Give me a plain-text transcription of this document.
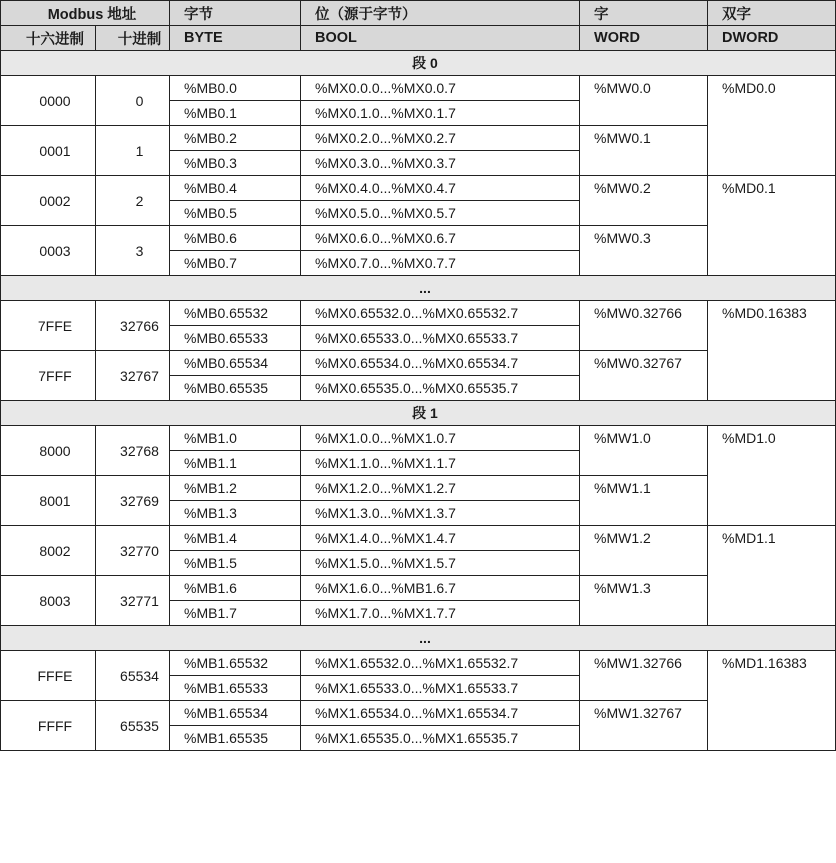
Modbus 地址		字节	位（源于字节）	字	双字
十六进制	十进制	BYTE	BOOL	WORD	DWORD
段 0					
0000	0	%MB0.0	%MX0.0.0...%MX0.0.7	%MW0.0	%MD0.0
		%MB0.1	%MX0.1.0...%MX0.1.7		
0001	1	%MB0.2	%MX0.2.0...%MX0.2.7	%MW0.1	
		%MB0.3	%MX0.3.0...%MX0.3.7		
0002	2	%MB0.4	%MX0.4.0...%MX0.4.7	%MW0.2	%MD0.1
		%MB0.5	%MX0.5.0...%MX0.5.7		
0003	3	%MB0.6	%MX0.6.0...%MX0.6.7	%MW0.3	
		%MB0.7	%MX0.7.0...%MX0.7.7		
...					
7FFE	32766	%MB0.65532	%MX0.65532.0...%MX0.65532.7	%MW0.32766	%MD0.16383
		%MB0.65533	%MX0.65533.0...%MX0.65533.7		
7FFF	32767	%MB0.65534	%MX0.65534.0...%MX0.65534.7	%MW0.32767	
		%MB0.65535	%MX0.65535.0...%MX0.65535.7		
段 1					
8000	32768	%MB1.0	%MX1.0.0...%MX1.0.7	%MW1.0	%MD1.0
		%MB1.1	%MX1.1.0...%MX1.1.7		
8001	32769	%MB1.2	%MX1.2.0...%MX1.2.7	%MW1.1	
		%MB1.3	%MX1.3.0...%MX1.3.7		
8002	32770	%MB1.4	%MX1.4.0...%MX1.4.7	%MW1.2	%MD1.1
		%MB1.5	%MX1.5.0...%MX1.5.7		
8003	32771	%MB1.6	%MX1.6.0...%MB1.6.7	%MW1.3	
		%MB1.7	%MX1.7.0...%MX1.7.7		
...					
FFFE	65534	%MB1.65532	%MX1.65532.0...%MX1.65532.7	%MW1.32766	%MD1.16383
		%MB1.65533	%MX1.65533.0...%MX1.65533.7		
FFFF	65535	%MB1.65534	%MX1.65534.0...%MX1.65534.7	%MW1.32767	
		%MB1.65535	%MX1.65535.0...%MX1.65535.7		
